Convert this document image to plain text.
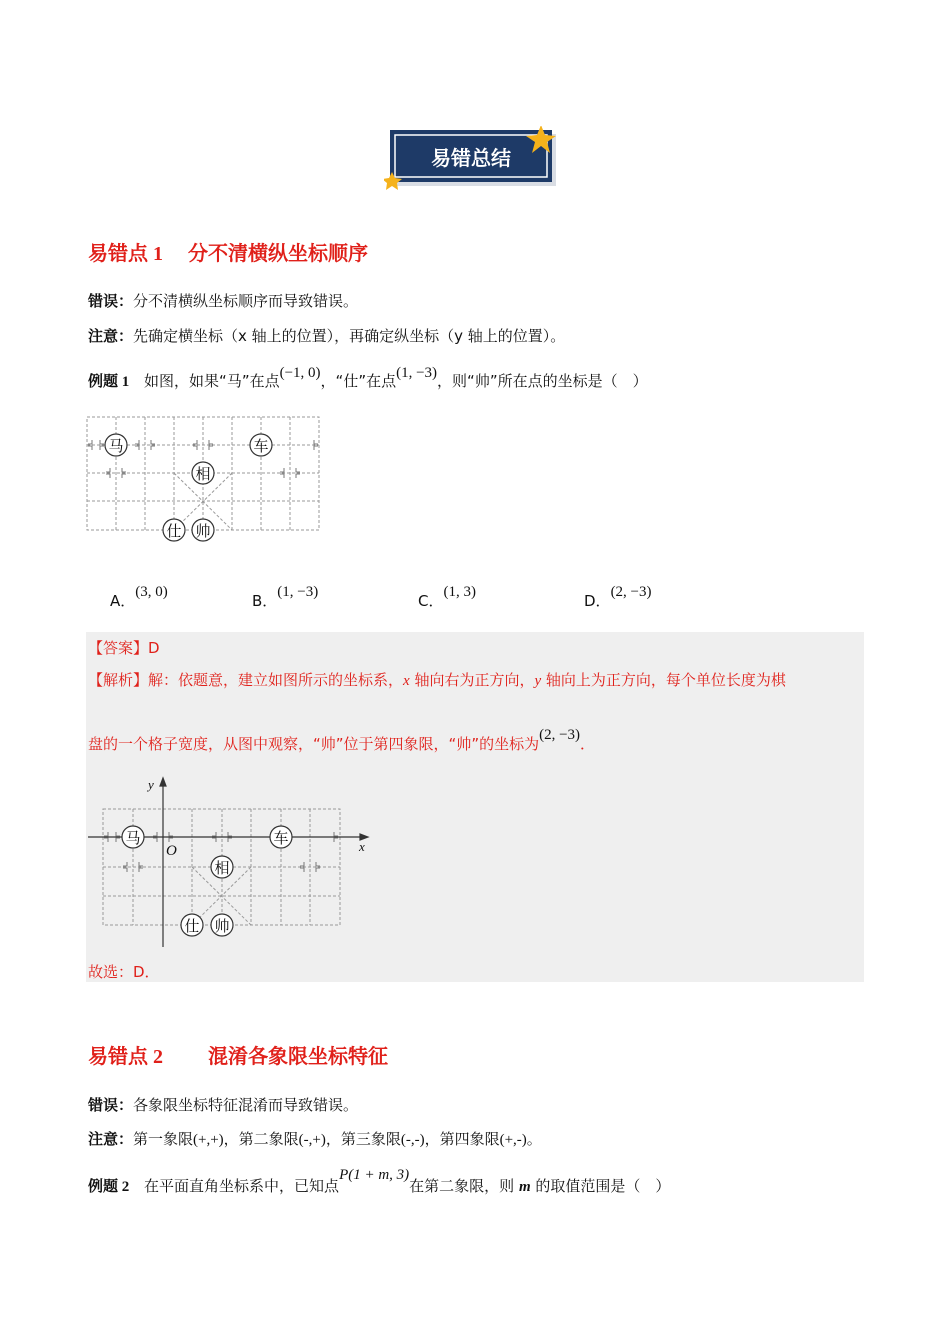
易错总结
易错点 1 分不清横纵坐标顺序
错误：分不清横纵坐标顺序而导致错误。
注意：先确定横坐标（x 轴上的位置），再确定纵坐标（y 轴上的位置）。
例题 1 如图，如果“马”在点(−1, 0)，“仕”在点(1, −3)，则“帅”所在点的坐标是（　）
马	车
相
仕 帅
A．(3, 0)	B．(1, −3)	C．(1, 3)	D．(2, −3)
【答案】D
【解析】解：依题意，建立如图所示的坐标系，x 轴向右为正方向，y 轴向上为正方向，每个单位长度为棋
盘的一个格子宽度，从图中观察，“帅”位于第四象限，“帅”的坐标为(2, −3)．
马	车
相
仕 帅
x
y
O
故选：D．
易错点 2 混淆各象限坐标特征
错误：各象限坐标特征混淆而导致错误。
注意：第一象限(+,+)，第二象限(-,+)，第三象限(-,-)，第四象限(+,-)。
例题 2 在平面直角坐标系中，已知点P(1 + m, 3)在第二象限，则 m 的取值范围是（　）
